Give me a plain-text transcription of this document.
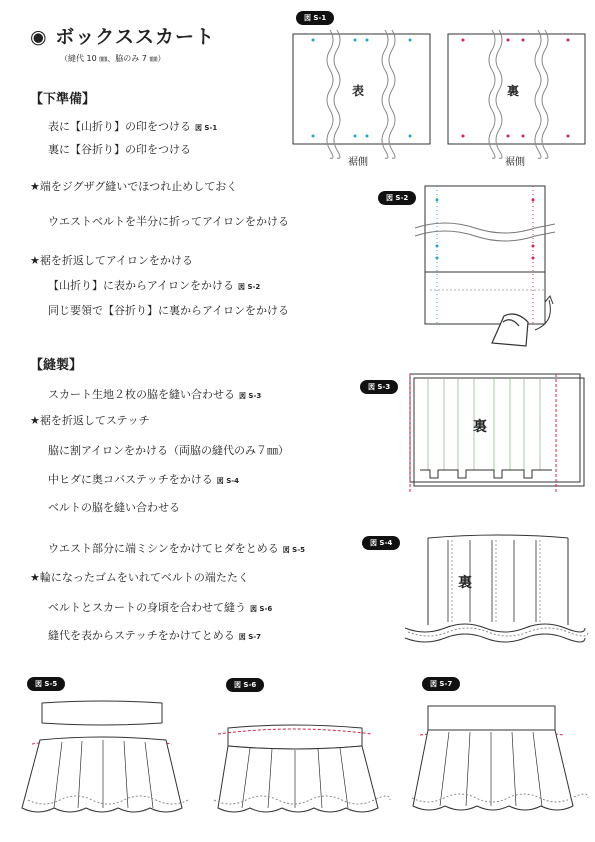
◉ ボックススカート
（縫代 10 ㎜、脇のみ 7 ㎜）
【下準備】
表に【山折り】の印をつける 図 S-1
裏に【谷折り】の印をつける
★端をジグザグ縫いでほつれ止めしておく
ウエストベルトを半分に折ってアイロンをかける
★裾を折返してアイロンをかける
【山折り】に表からアイロンをかける 図 S-2
同じ要領で【谷折り】に裏からアイロンをかける
【縫製】
スカート生地２枚の脇を縫い合わせる 図 S-3
★裾を折返してステッチ
脇に割アイロンをかける（両脇の縫代のみ７㎜）
中ヒダに奥コバステッチをかける 図 S-4
ベルトの脇を縫い合わせる
ウエスト部分に端ミシンをかけてヒダをとめる 図 S-5
★輪になったゴムをいれてベルトの端たたく
ベルトとスカートの身頃を合わせて縫う 図 S-6
縫代を表からステッチをかけてとめる 図 S-7
図 S-1
表	裏
裾側	裾側
図 S-2
図 S-3
裏
図 S-4
裏
図 S-5	図 S-6	図 S-7
